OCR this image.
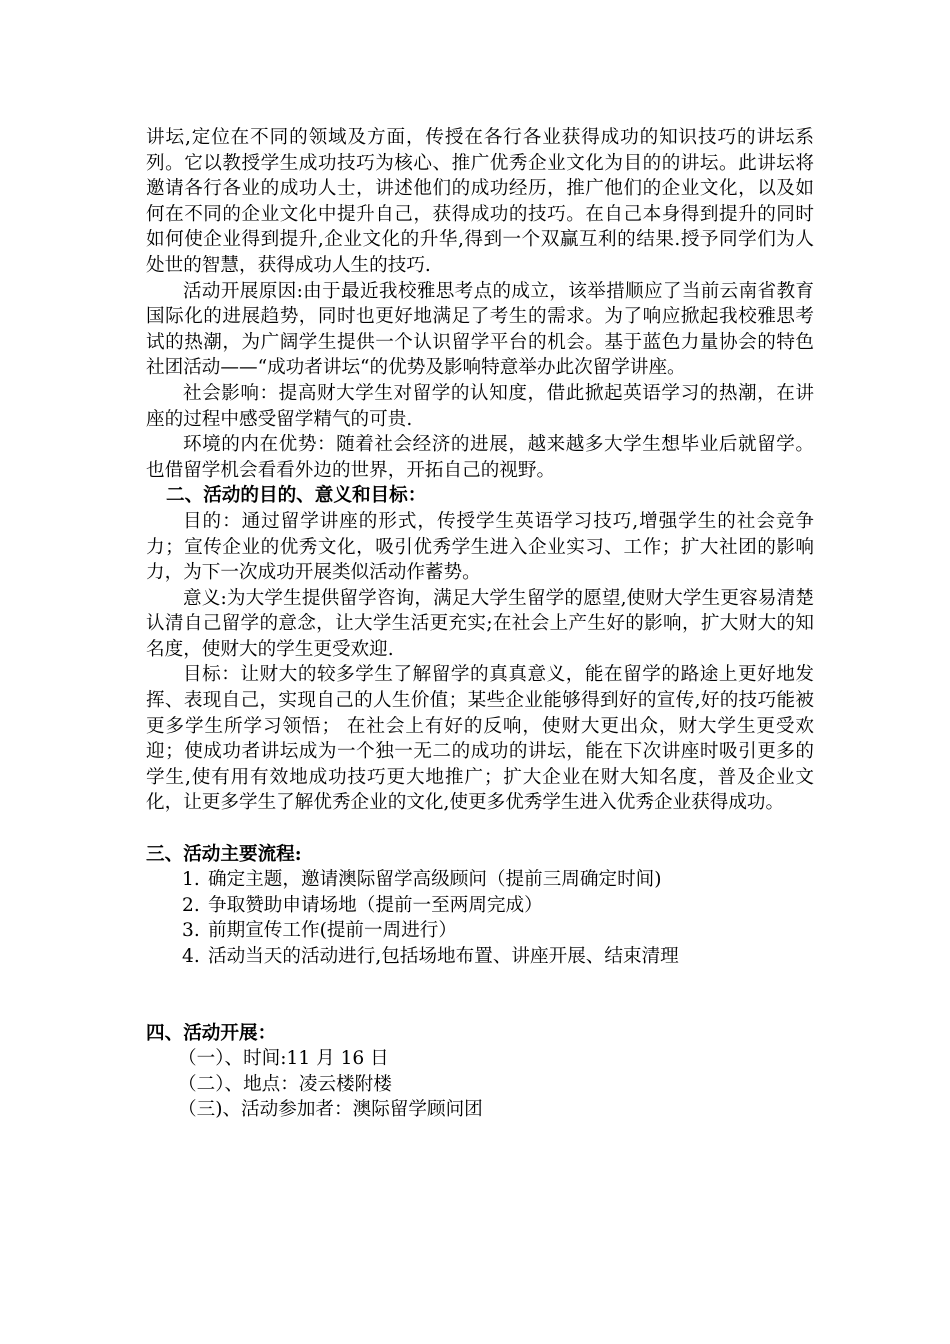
讲坛,定位在不同的领域及方面，传授在各行各业获得成功的知识技巧的讲坛系列。它以教授学生成功技巧为核心、推广优秀企业文化为目的的讲坛。此讲坛将邀请各行各业的成功人士，讲述他们的成功经历，推广他们的企业文化，以及如何在不同的企业文化中提升自己，获得成功的技巧。在自己本身得到提升的同时如何使企业得到提升,企业文化的升华,得到一个双赢互利的结果.授予同学们为人处世的智慧，获得成功人生的技巧.

活动开展原因:由于最近我校雅思考点的成立，该举措顺应了当前云南省教育国际化的进展趋势，同时也更好地满足了考生的需求。为了响应掀起我校雅思考试的热潮，为广阔学生提供一个认识留学平台的机会。基于蓝色力量协会的特色社团活动——“成功者讲坛“的优势及影响特意举办此次留学讲座。

社会影响：提高财大学生对留学的认知度，借此掀起英语学习的热潮，在讲座的过程中感受留学精气的可贵.

环境的内在优势：随着社会经济的进展，越来越多大学生想毕业后就留学。也借留学机会看看外边的世界，开拓自己的视野。

二、活动的目的、意义和目标：

目的：通过留学讲座的形式，传授学生英语学习技巧,增强学生的社会竞争力；宣传企业的优秀文化，吸引优秀学生进入企业实习、工作；扩大社团的影响力，为下一次成功开展类似活动作蓄势。

意义:为大学生提供留学咨询，满足大学生留学的愿望,使财大学生更容易清楚认清自己留学的意念，让大学生活更充实;在社会上产生好的影响，扩大财大的知名度，使财大的学生更受欢迎.

目标：让财大的较多学生了解留学的真真意义，能在留学的路途上更好地发挥、表现自己，实现自己的人生价值；某些企业能够得到好的宣传,好的技巧能被更多学生所学习领悟； 在社会上有好的反响，使财大更出众，财大学生更受欢迎；使成功者讲坛成为一个独一无二的成功的讲坛，能在下次讲座时吸引更多的学生,使有用有效地成功技巧更大地推广；扩大企业在财大知名度，普及企业文化，让更多学生了解优秀企业的文化,使更多优秀学生进入优秀企业获得成功。

三、活动主要流程:

1. 确定主题，邀请澳际留学高级顾问（提前三周确定时间)
2. 争取赞助申请场地（提前一至两周完成）
3. 前期宣传工作(提前一周进行）
4. 活动当天的活动进行,包括场地布置、讲座开展、结束清理

四、活动开展：

（一）、时间:11 月 16 日

（二）、地点：凌云楼附楼

（三)、活动参加者：澳际留学顾问团
